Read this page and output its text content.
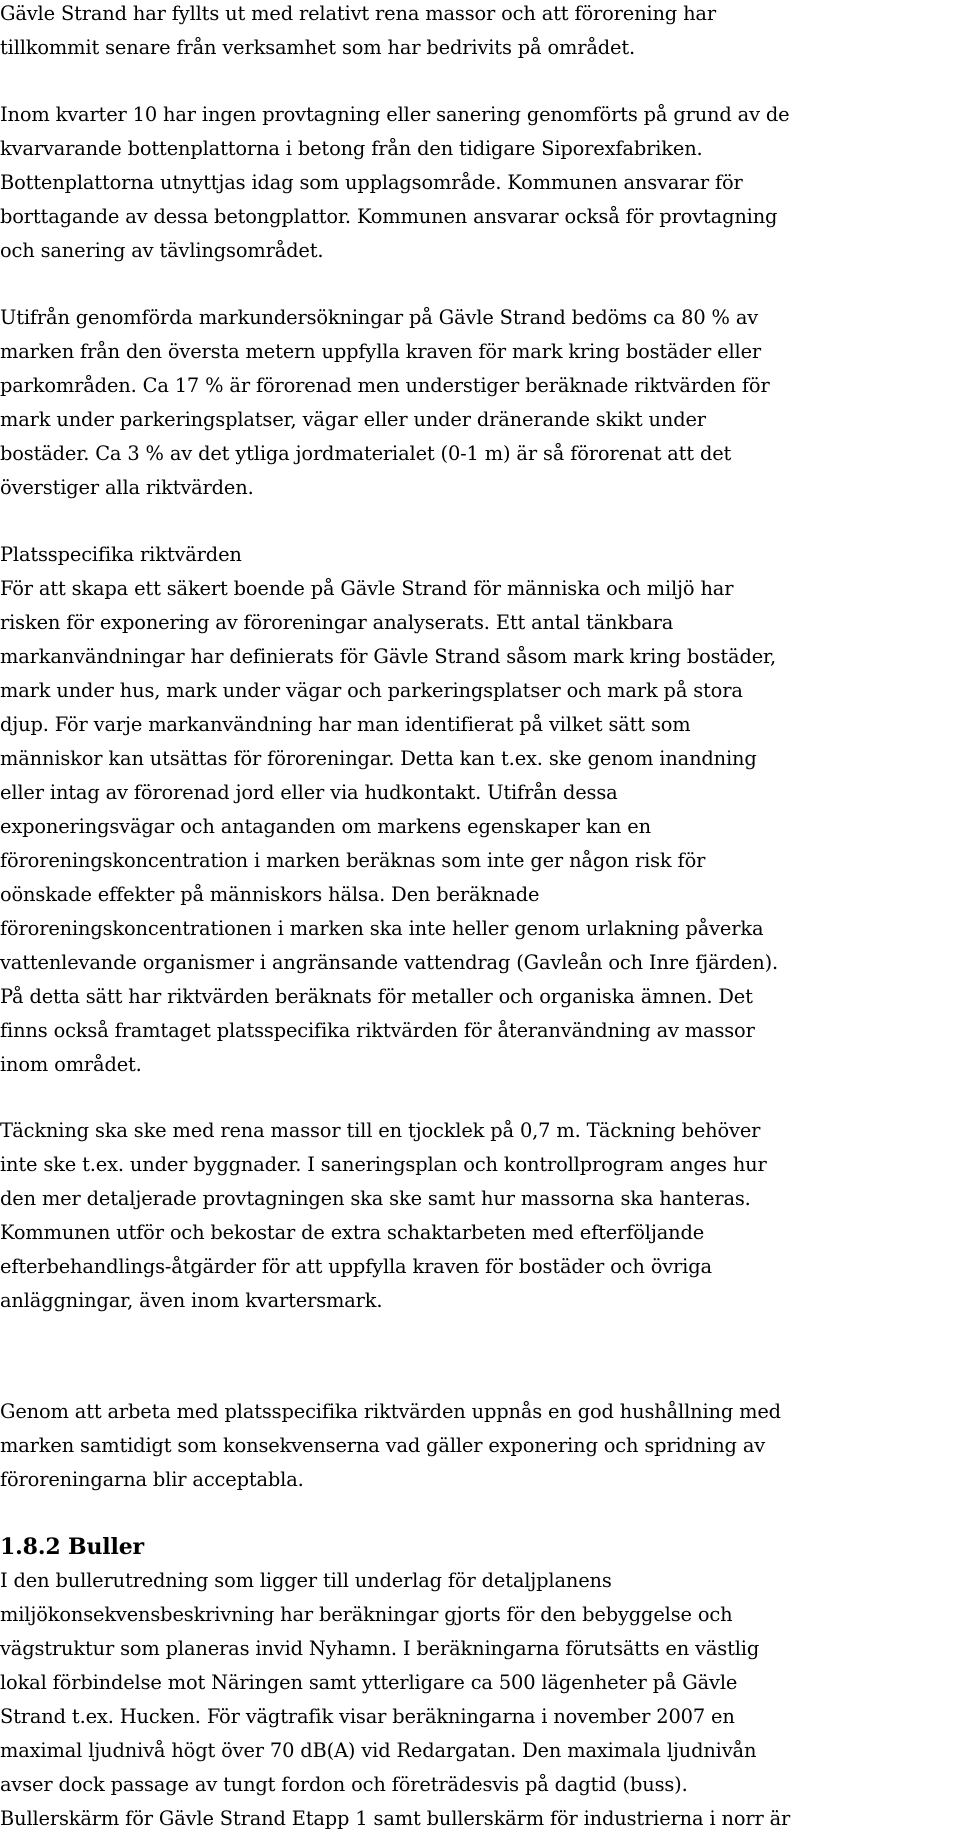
Gävle Strand har fyllts ut med relativt rena massor och att förorening har
tillkommit senare från verksamhet som har bedrivits på området.
Inom kvarter 10 har ingen provtagning eller sanering genomförts på grund av de
kvarvarande bottenplattorna i betong från den tidigare Siporexfabriken.
Bottenplattorna utnyttjas idag som upplagsområde. Kommunen ansvarar för
borttagande av dessa betongplattor. Kommunen ansvarar också för provtagning
och sanering av tävlingsområdet.
Utifrån genomförda markundersökningar på Gävle Strand bedöms ca 80 % av
marken från den översta metern uppfylla kraven för mark kring bostäder eller
parkområden. Ca 17 % är förorenad men understiger beräknade riktvärden för
mark under parkeringsplatser, vägar eller under dränerande skikt under
bostäder. Ca 3 % av det ytliga jordmaterialet (0-1 m) är så förorenat att det
överstiger alla riktvärden.
Platsspecifika riktvärden
För att skapa ett säkert boende på Gävle Strand för människa och miljö har
risken för exponering av föroreningar analyserats. Ett antal tänkbara
markanvändningar har definierats för Gävle Strand såsom mark kring bostäder,
mark under hus, mark under vägar och parkeringsplatser och mark på stora
djup. För varje markanvändning har man identifierat på vilket sätt som
människor kan utsättas för föroreningar. Detta kan t.ex. ske genom inandning
eller intag av förorenad jord eller via hudkontakt. Utifrån dessa
exponeringsvägar och antaganden om markens egenskaper kan en
föroreningskoncentration i marken beräknas som inte ger någon risk för
oönskade effekter på människors hälsa. Den beräknade
föroreningskoncentrationen i marken ska inte heller genom urlakning påverka
vattenlevande organismer i angränsande vattendrag (Gavleån och Inre fjärden).
På detta sätt har riktvärden beräknats för metaller och organiska ämnen. Det
finns också framtaget platsspecifika riktvärden för återanvändning av massor
inom området.
Täckning ska ske med rena massor till en tjocklek på 0,7 m. Täckning behöver
inte ske t.ex. under byggnader. I saneringsplan och kontrollprogram anges hur
den mer detaljerade provtagningen ska ske samt hur massorna ska hanteras.
Kommunen utför och bekostar de extra schaktarbeten med efterföljande
efterbehandlings-åtgärder för att uppfylla kraven för bostäder och övriga
anläggningar, även inom kvartersmark.
Genom att arbeta med platsspecifika riktvärden uppnås en god hushållning med
marken samtidigt som konsekvenserna vad gäller exponering och spridning av
föroreningarna blir acceptabla.
1.8.2 Buller
I den bullerutredning som ligger till underlag för detaljplanens
miljökonsekvensbeskrivning har beräkningar gjorts för den bebyggelse och
vägstruktur som planeras invid Nyhamn. I beräkningarna förutsätts en västlig
lokal förbindelse mot Näringen samt ytterligare ca 500 lägenheter på Gävle
Strand t.ex. Hucken. För vägtrafik visar beräkningarna i november 2007 en
maximal ljudnivå högt över 70 dB(A) vid Redargatan. Den maximala ljudnivån
avser dock passage av tungt fordon och företrädesvis på dagtid (buss).
Bullerskärm för Gävle Strand Etapp 1 samt bullerskärm för industrierna i norr är
